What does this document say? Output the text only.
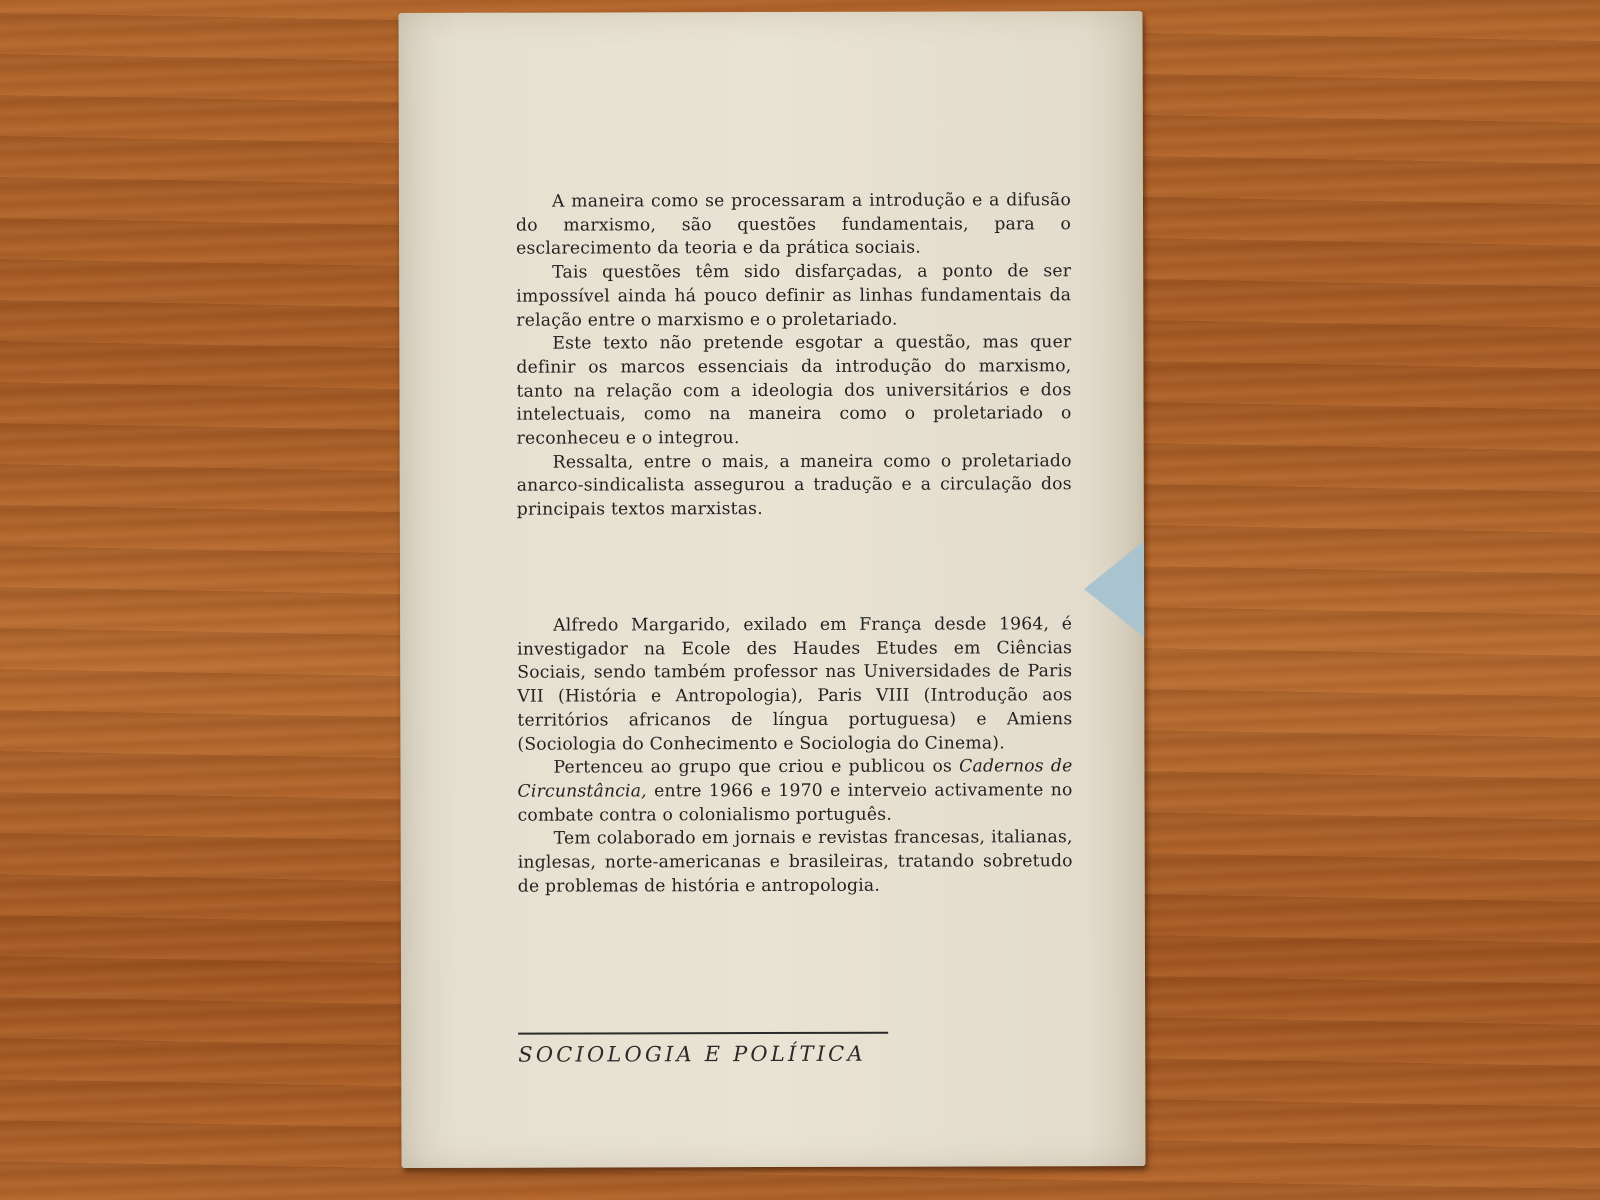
A maneira como se processaram a introdução e a difusão do marxismo, são questões fundamentais, para o esclarecimento da teoria e da prática sociais.

Tais questões têm sido disfarçadas, a ponto de ser impossível ainda há pouco definir as linhas fundamentais da relação entre o marxismo e o proletariado.

Este texto não pretende esgotar a questão, mas quer definir os marcos essenciais da introdução do marxismo, tanto na relação com a ideologia dos universitários e dos intelectuais, como na maneira como o proletariado o reconheceu e o integrou.

Ressalta, entre o mais, a maneira como o proletariado anarco-sindicalista assegurou a tradução e a circulação dos principais textos marxistas.

Alfredo Margarido, exilado em França desde 1964, é investigador na Ecole des Haudes Etudes em Ciências Sociais, sendo também professor nas Universidades de Paris VII (História e Antropologia), Paris VIII (Introdução aos territórios africanos de língua portuguesa) e Amiens (Sociologia do Conhecimento e Sociologia do Cinema).

Pertenceu ao grupo que criou e publicou os Cadernos de Circunstância, entre 1966 e 1970 e interveio activamente no combate contra o colonialismo português.

Tem colaborado em jornais e revistas francesas, italianas, inglesas, norte-americanas e brasileiras, tratando sobretudo de problemas de história e antropologia.

SOCIOLOGIA E POLÍTICA
